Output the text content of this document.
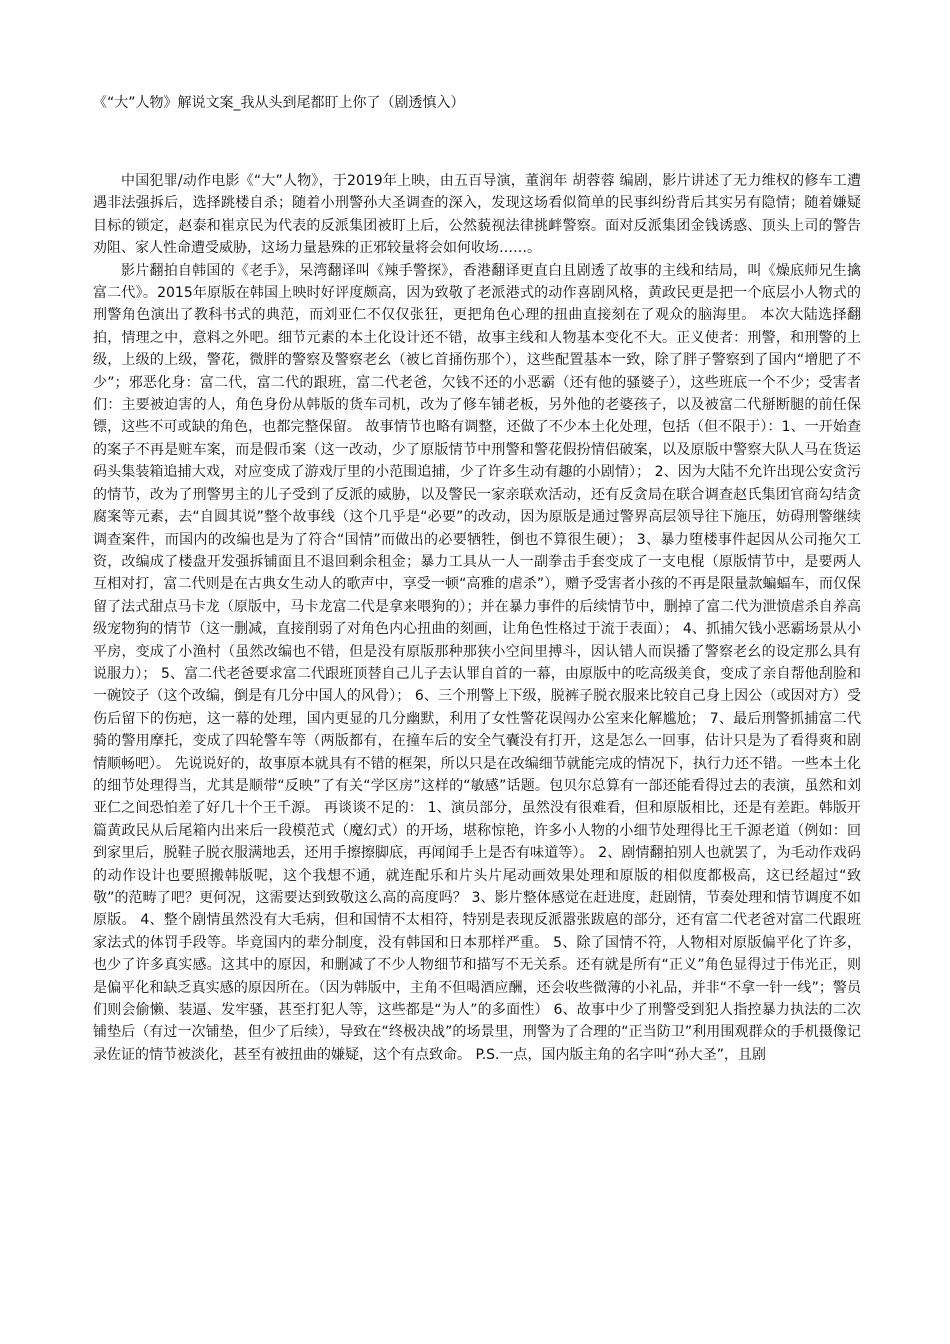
《“大”人物》解说文案_我从头到尾都盯上你了（剧透慎入）

中国犯罪/动作电影《“大”人物》，于2019年上映，由五百导演，董润年 胡蓉蓉 编剧，影片讲述了无力维权的修车工遭遇非法强拆后，选择跳楼自杀；随着小刑警孙大圣调查的深入，发现这场看似简单的民事纠纷背后其实另有隐情；随着嫌疑目标的锁定，赵泰和崔京民为代表的反派集团被盯上后，公然藐视法律挑衅警察。面对反派集团金钱诱惑、顶头上司的警告劝阻、家人性命遭受威胁，这场力量悬殊的正邪较量将会如何收场……。

影片翻拍自韩国的《老手》，呆湾翻译叫《辣手警探》，香港翻译更直白且剧透了故事的主线和结局，叫《燥底师兄生擒富二代》。2015年原版在韩国上映时好评度颇高，因为致敬了老派港式的动作喜剧风格，黄政民更是把一个底层小人物式的刑警角色演出了教科书式的典范，而刘亚仁不仅仅张狂，更把角色心理的扭曲直接刻在了观众的脑海里。 本次大陆选择翻拍，情理之中，意料之外吧。细节元素的本土化设计还不错，故事主线和人物基本变化不大。正义使者：刑警，和刑警的上级，上级的上级，警花，微胖的警察及警察老幺（被匕首捅伤那个），这些配置基本一致，除了胖子警察到了国内“增肥了不少”；邪恶化身：富二代，富二代的跟班，富二代老爸，欠钱不还的小恶霸（还有他的骚婆子），这些班底一个不少；受害者们：主要被迫害的人，角色身份从韩版的货车司机，改为了修车铺老板，另外他的老婆孩子，以及被富二代掰断腿的前任保镖，这些不可或缺的角色，也都完整保留。 故事情节也略有调整，还做了不少本土化处理，包括（但不限于）：1、一开始查的案子不再是赃车案，而是假币案（这一改动，少了原版情节中刑警和警花假扮情侣破案，以及原版中警察大队人马在货运码头集装箱追捕大戏，对应变成了游戏厅里的小范围追捕，少了许多生动有趣的小剧情）； 2、因为大陆不允许出现公安贪污的情节，改为了刑警男主的儿子受到了反派的威胁，以及警民一家亲联欢活动，还有反贪局在联合调查赵氏集团官商勾结贪腐案等元素，去“自圆其说”整个故事线（这个几乎是“必要”的改动，因为原版是通过警界高层领导往下施压，妨碍刑警继续调查案件，而国内的改编也是为了符合“国情”而做出的必要牺牲，倒也不算很生硬）； 3、暴力堕楼事件起因从公司拖欠工资，改编成了楼盘开发强拆铺面且不退回剩余租金；暴力工具从一人一副拳击手套变成了一支电棍（原版情节中，是要两人互相对打，富二代则是在古典女生动人的歌声中，享受一顿“高雅的虐杀”），赠予受害者小孩的不再是限量款蝙蝠车，而仅保留了法式甜点马卡龙（原版中，马卡龙富二代是拿来喂狗的）；并在暴力事件的后续情节中，删掉了富二代为泄愤虐杀自养高级宠物狗的情节（这一删减，直接削弱了对角色内心扭曲的刻画，让角色性格过于流于表面）； 4、抓捕欠钱小恶霸场景从小平房，变成了小渔村（虽然改编也不错，但是没有原版那种那狭小空间里搏斗，因认错人而误播了警察老幺的设定那么具有说服力）； 5、富二代老爸要求富二代跟班顶替自己儿子去认罪自首的一幕，由原版中的吃高级美食，变成了亲自帮他刮脸和一碗饺子（这个改编，倒是有几分中国人的风骨）； 6、三个刑警上下级，脱裤子脱衣服来比较自己身上因公（或因对方）受伤后留下的伤疤，这一幕的处理，国内更显的几分幽默，利用了女性警花误闯办公室来化解尴尬； 7、最后刑警抓捕富二代骑的警用摩托，变成了四轮警车等（两版都有，在撞车后的安全气囊没有打开，这是怎么一回事，估计只是为了看得爽和剧情顺畅吧）。 先说说好的，故事原本就具有不错的框架，所以只是在改编细节就能完成的情况下，执行力还不错。一些本土化的细节处理得当，尤其是顺带“反映”了有关“学区房”这样的“敏感”话题。包贝尔总算有一部还能看得过去的表演，虽然和刘亚仁之间恐怕差了好几十个王千源。 再谈谈不足的： 1、演员部分，虽然没有很难看，但和原版相比，还是有差距。韩版开篇黄政民从后尾箱内出来后一段模范式（魔幻式）的开场，堪称惊艳，许多小人物的小细节处理得比王千源老道（例如：回到家里后，脱鞋子脱衣服满地丢，还用手擦擦脚底，再闻闻手上是否有味道等）。 2、剧情翻拍别人也就罢了，为毛动作戏码的动作设计也要照搬韩版呢，这个我想不通，就连配乐和片头片尾动画效果处理和原版的相似度都极高，这已经超过“致敬”的范畴了吧？更何况，这需要达到致敬这么高的高度吗？ 3、影片整体感觉在赶进度，赶剧情，节奏处理和情节调度不如原版。 4、整个剧情虽然没有大毛病，但和国情不太相符，特别是表现反派嚣张跋扈的部分，还有富二代老爸对富二代跟班家法式的体罚手段等。毕竟国内的辈分制度，没有韩国和日本那样严重。 5、除了国情不符，人物相对原版偏平化了许多，也少了许多真实感。这其中的原因，和删减了不少人物细节和描写不无关系。还有就是所有“正义”角色显得过于伟光正，则是偏平化和缺乏真实感的原因所在。（因为韩版中，主角不但喝酒应酬，还会收些微薄的小礼品，并非“不拿一针一线”；警员们则会偷懒、装逼、发牢骚，甚至打犯人等，这些都是“为人”的多面性） 6、故事中少了刑警受到犯人指控暴力执法的二次铺垫后（有过一次铺垫，但少了后续），导致在“终极决战”的场景里，刑警为了合理的“正当防卫”利用围观群众的手机摄像记录佐证的情节被淡化，甚至有被扭曲的嫌疑，这个有点致命。 P.S.一点，国内版主角的名字叫“孙大圣”，且剧
